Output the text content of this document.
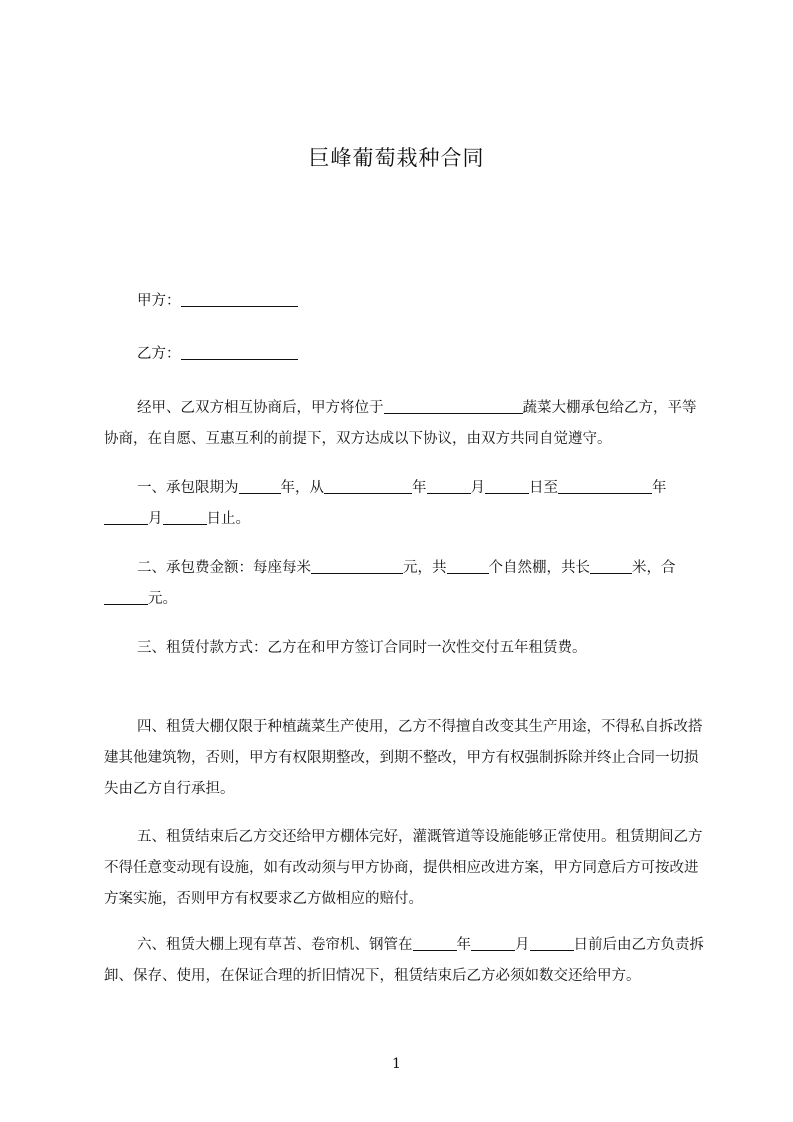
巨峰葡萄栽种合同

甲方：

乙方：

经甲、乙双方相互协商后，甲方将位于	蔬菜大棚承包给乙方，平等协商，在自愿、互惠互利的前提下，双方达成以下协议，由双方共同自觉遵守。

一、承包限期为	年，从	年	月	日至	年月	日止。

二、承包费金额：每座每米	元，共	个自然棚，共长	米，合元。

三、租赁付款方式：乙方在和甲方签订合同时一次性交付五年租赁费。

四、租赁大棚仅限于种植蔬菜生产使用，乙方不得擅自改变其生产用途，不得私自拆改搭建其他建筑物，否则，甲方有权限期整改，到期不整改，甲方有权强制拆除并终止合同一切损失由乙方自行承担。

五、租赁结束后乙方交还给甲方棚体完好，灌溉管道等设施能够正常使用。租赁期间乙方不得任意变动现有设施，如有改动须与甲方协商，提供相应改进方案，甲方同意后方可按改进方案实施，否则甲方有权要求乙方做相应的赔付。

六、租赁大棚上现有草苫、卷帘机、钢管在	年	月	日前后由乙方负责拆卸、保存、使用，在保证合理的折旧情况下，租赁结束后乙方必须如数交还给甲方。

1
